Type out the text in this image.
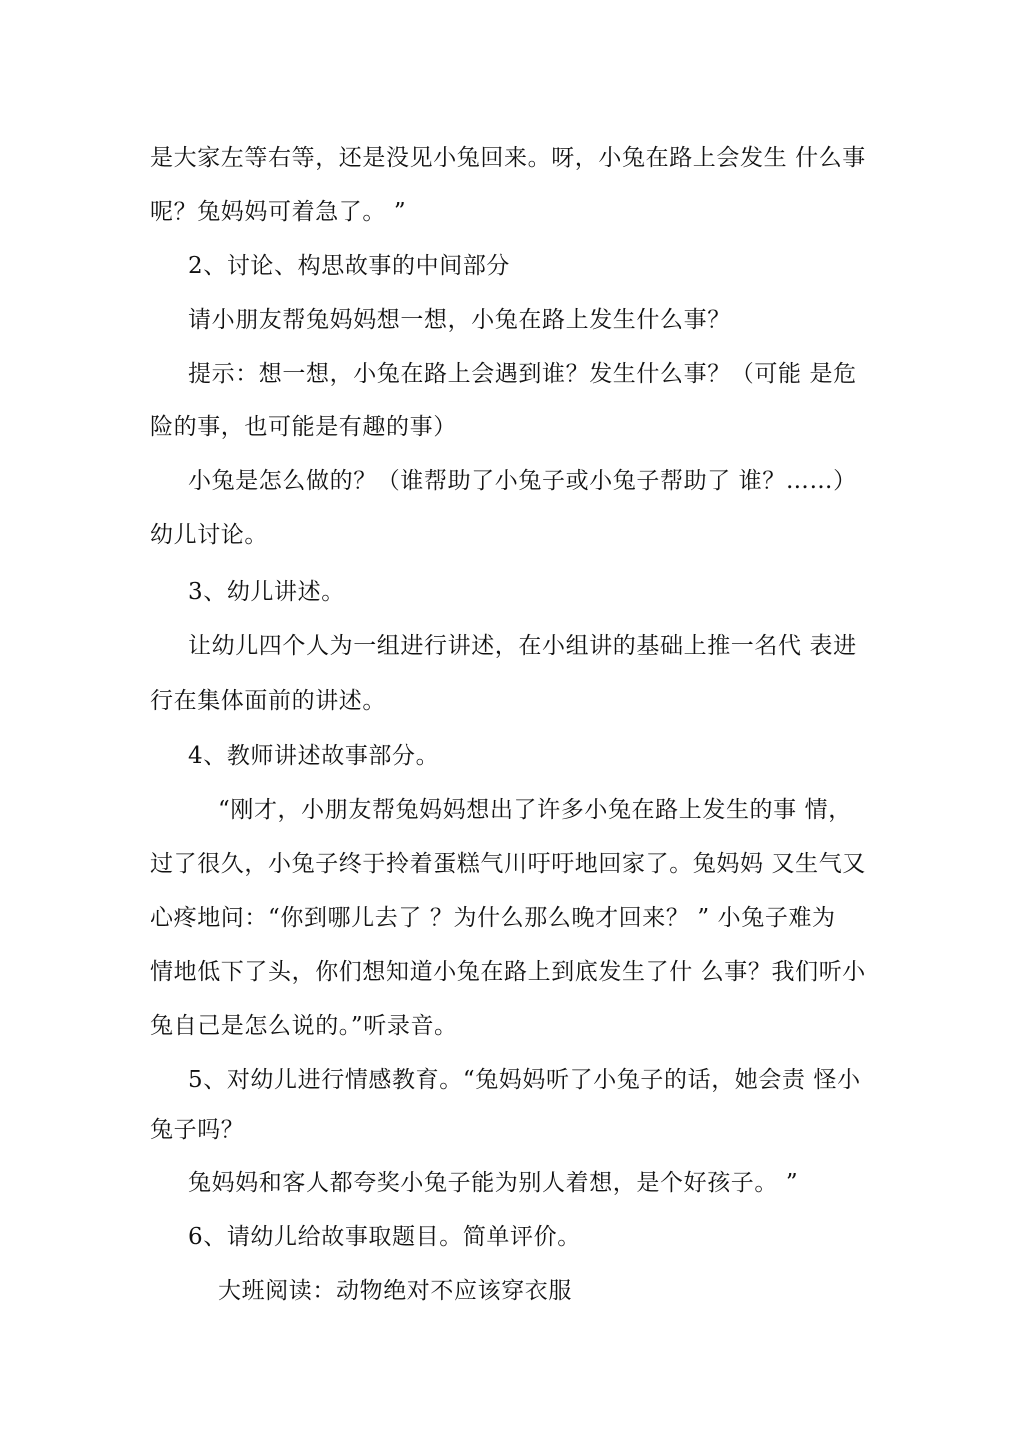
是大家左等右等，还是没见小兔回来。呀，小兔在路上会发生 什么事
呢？兔妈妈可着急了。 ”
2、讨论、构思故事的中间部分
请小朋友帮兔妈妈想一想，小兔在路上发生什么事？
提示：想一想，小兔在路上会遇到谁？发生什么事？（可能 是危
险的事，也可能是有趣的事）
小兔是怎么做的？（谁帮助了小兔子或小兔子帮助了 谁？……）
幼儿讨论。
3、幼儿讲述。
让幼儿四个人为一组进行讲述，在小组讲的基础上推一名代 表进
行在集体面前的讲述。
4、教师讲述故事部分。
“刚才，小朋友帮兔妈妈想出了许多小兔在路上发生的事 情，
过了很久，小兔子终于拎着蛋糕气川吁吁地回家了。兔妈妈 又生气又
心疼地问：“你到哪儿去了 ？为什么那么晚才回来？ ” 小兔子难为
情地低下了头，你们想知道小兔在路上到底发生了什 么事？我们听小
兔自己是怎么说的。”听录音。
5、对幼儿进行情感教育。“兔妈妈听了小兔子的话，她会责 怪小
兔子吗？
兔妈妈和客人都夸奖小兔子能为别人着想，是个好孩子。 ”
6、请幼儿给故事取题目。简单评价。
大班阅读：动物绝对不应该穿衣服
